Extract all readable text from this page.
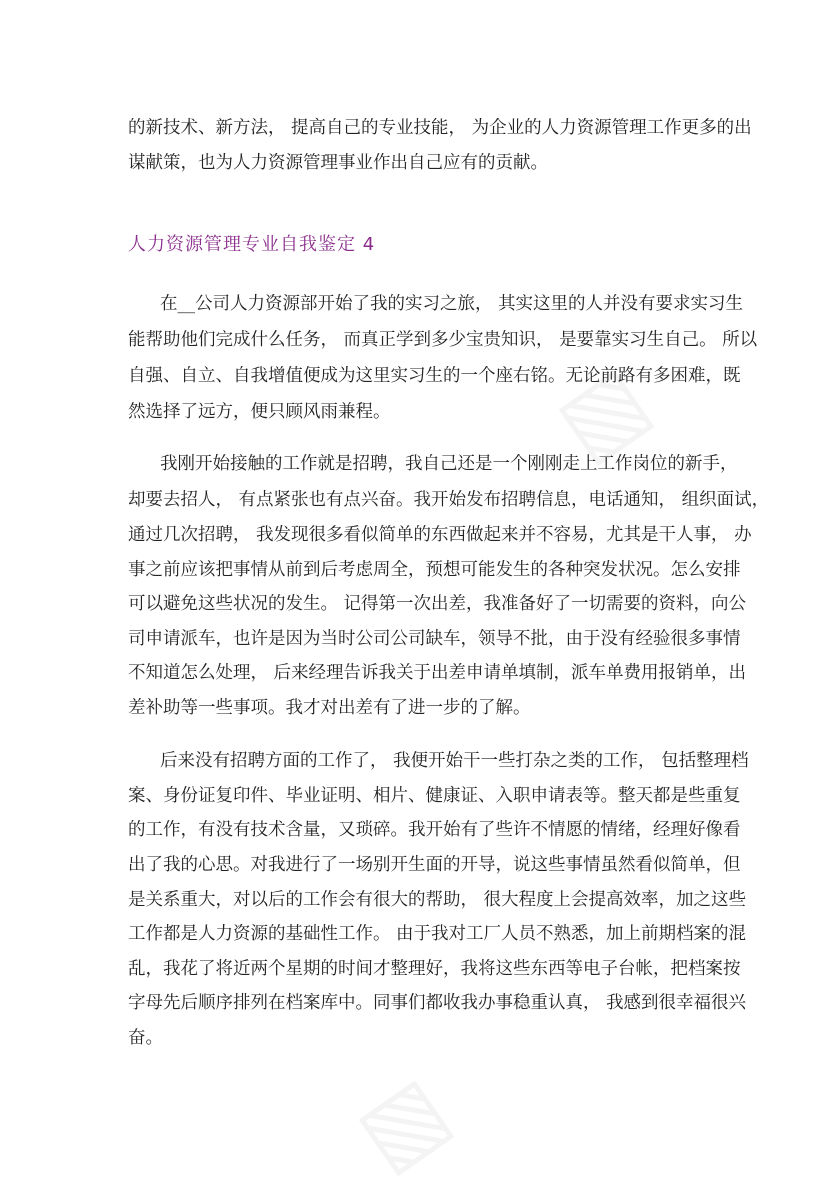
▧
▧
的新技术、新方法， 提高自己的专业技能， 为企业的人力资源管理工作更多的出
谋献策，也为人力资源管理事业作出自己应有的贡献。
人力资源管理专业自我鉴定 4
在__公司人力资源部开始了我的实习之旅， 其实这里的人并没有要求实习生
能帮助他们完成什么任务， 而真正学到多少宝贵知识， 是要靠实习生自己。 所以
自强、自立、自我增值便成为这里实习生的一个座右铭。无论前路有多困难，既
然选择了远方，便只顾风雨兼程。
我刚开始接触的工作就是招聘，我自己还是一个刚刚走上工作岗位的新手，
却要去招人， 有点紧张也有点兴奋。我开始发布招聘信息，电话通知， 组织面试，
通过几次招聘， 我发现很多看似简单的东西做起来并不容易，尤其是干人事， 办
事之前应该把事情从前到后考虑周全，预想可能发生的各种突发状况。怎么安排
可以避免这些状况的发生。 记得第一次出差，我准备好了一切需要的资料，向公
司申请派车，也许是因为当时公司公司缺车，领导不批，由于没有经验很多事情
不知道怎么处理， 后来经理告诉我关于出差申请单填制，派车单费用报销单，出
差补助等一些事项。我才对出差有了进一步的了解。
后来没有招聘方面的工作了， 我便开始干一些打杂之类的工作， 包括整理档
案、身份证复印件、毕业证明、相片、健康证、入职申请表等。整天都是些重复
的工作，有没有技术含量，又琐碎。我开始有了些许不情愿的情绪，经理好像看
出了我的心思。对我进行了一场别开生面的开导，说这些事情虽然看似简单，但
是关系重大，对以后的工作会有很大的帮助， 很大程度上会提高效率，加之这些
工作都是人力资源的基础性工作。 由于我对工厂人员不熟悉，加上前期档案的混
乱，我花了将近两个星期的时间才整理好，我将这些东西等电子台帐，把档案按
字母先后顺序排列在档案库中。同事们都收我办事稳重认真， 我感到很幸福很兴
奋。
